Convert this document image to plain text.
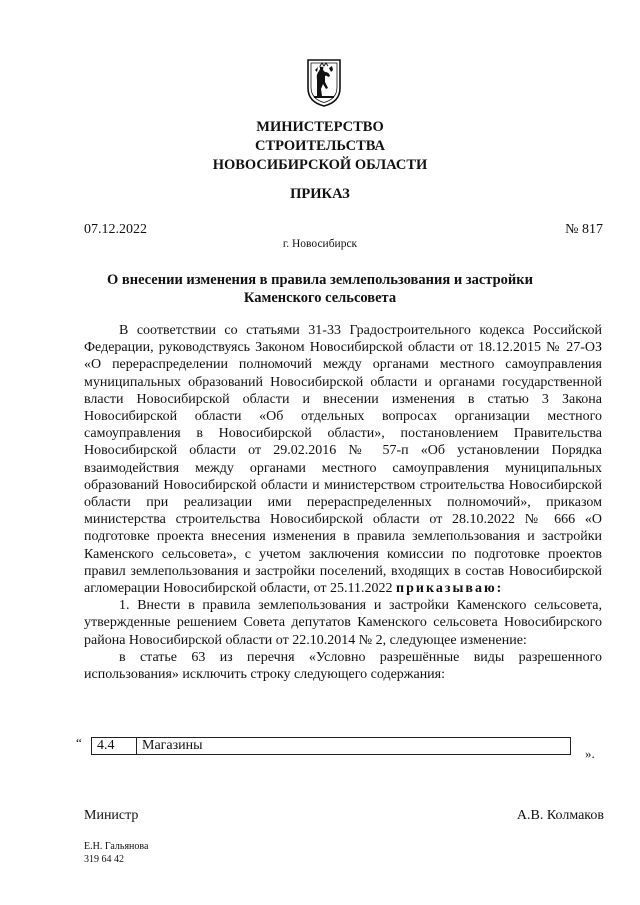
МИНИСТЕРСТВО
СТРОИТЕЛЬСТВА
НОВОСИБИРСКОЙ ОБЛАСТИ
ПРИКАЗ
07.12.2022	№ 817
г. Новосибирск
О внесении изменения в правила землепользования и застройки
Каменского сельсовета

В соответствии со статьями 31-33 Градостроительного кодекса Российской Федерации, руководствуясь Законом Новосибирской области от 18.12.2015 № 27-ОЗ «О перераспределении полномочий между органами местного самоуправления муниципальных образований Новосибирской области и органами государственной власти Новосибирской области и внесении изменения в статью 3 Закона Новосибирской области «Об отдельных вопросах организации местного самоуправления в Новосибирской области», постановлением Правительства Новосибирской области от 29.02.2016 № 57-п «Об установлении Порядка взаимодействия между органами местного самоуправления муниципальных образований Новосибирской области и министерством строительства Новосибирской области при реализации ими перераспределенных полномочий», приказом министерства строительства Новосибирской области от 28.10.2022 № 666 «О подготовке проекта внесения изменения в правила землепользования и застройки Каменского сельсовета», с учетом заключения комиссии по подготовке проектов правил землепользования и застройки поселений, входящих в состав Новосибирской агломерации Новосибирской области, от 25.11.2022 приказываю:

1. Внести в правила землепользования и застройки Каменского сельсовета, утвержденные решением Совета депутатов Каменского сельсовета Новосибирского района Новосибирской области от 22.10.2014 № 2, следующее изменение:

в статье 63 из перечня «Условно разрешённые виды разрешенного использования» исключить строку следующего содержания:

“ 4.4	Магазины
».
Министр	А.В. Колмаков
Е.Н. Гальянова
319 64 42
